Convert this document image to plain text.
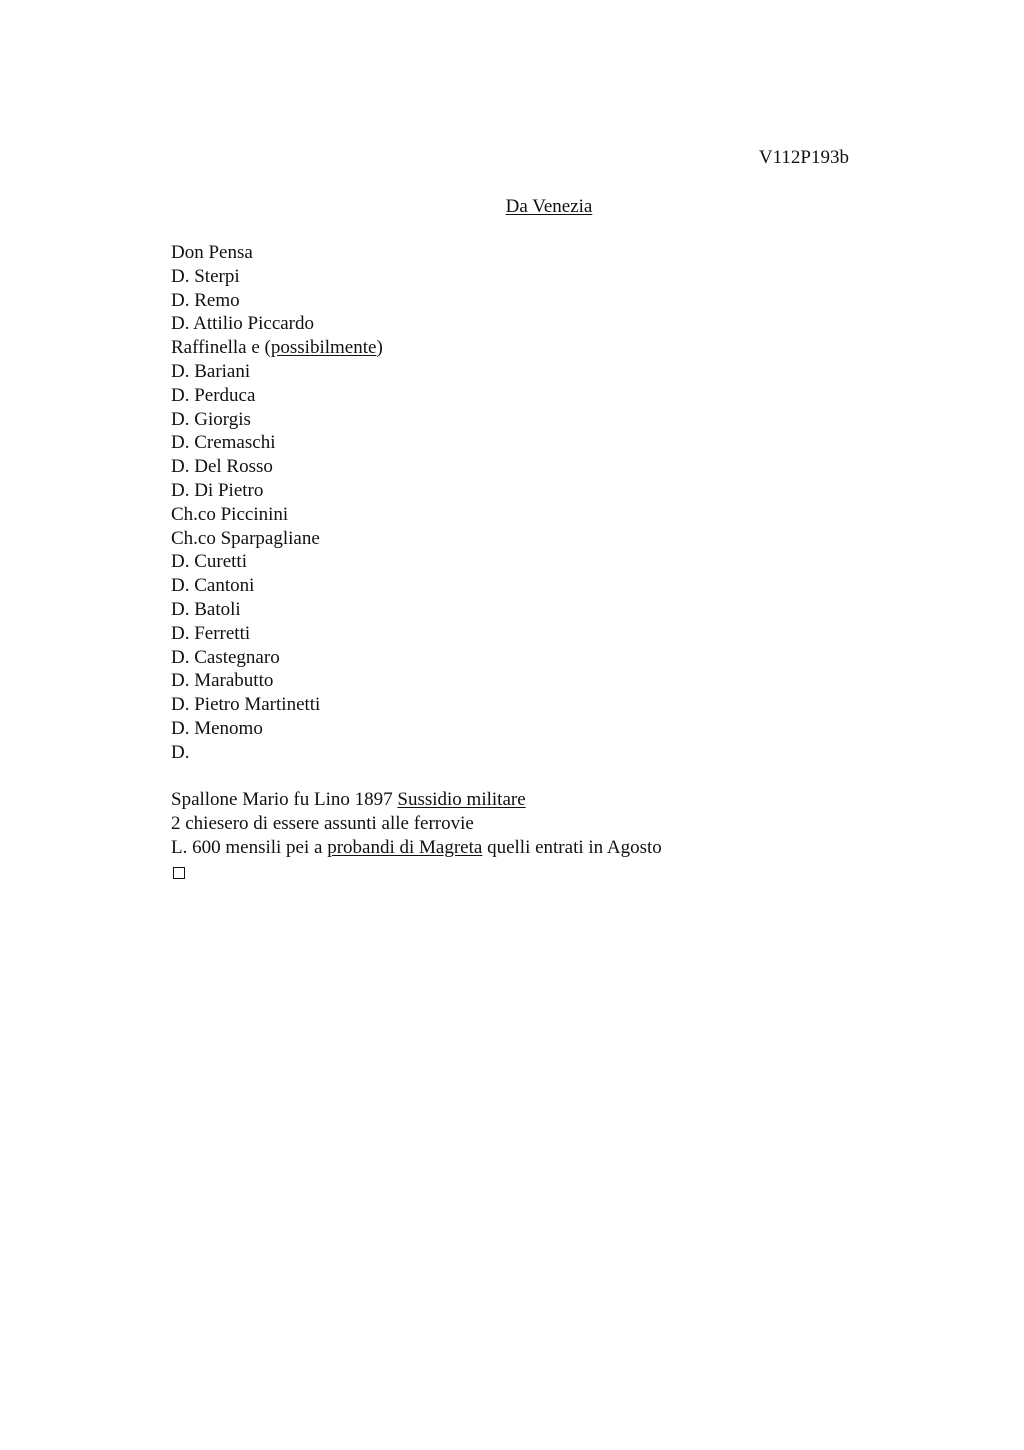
V112P193b

Da Venezia

Don Pensa
D. Sterpi
D. Remo
D. Attilio Piccardo
Raffinella e (possibilmente)
D. Bariani
D. Perduca
D. Giorgis
D. Cremaschi
D. Del Rosso
D. Di Pietro
Ch.co Piccinini
Ch.co Sparpagliane
D. Curetti
D. Cantoni
D. Batoli
D. Ferretti
D. Castegnaro
D. Marabutto
D. Pietro Martinetti
D. Menomo
D.
Spallone Mario fu Lino 1897 Sussidio militare
2 chiesero di essere assunti alle ferrovie
L. 600 mensili pei a probandi di Magreta quelli entrati in Agosto
